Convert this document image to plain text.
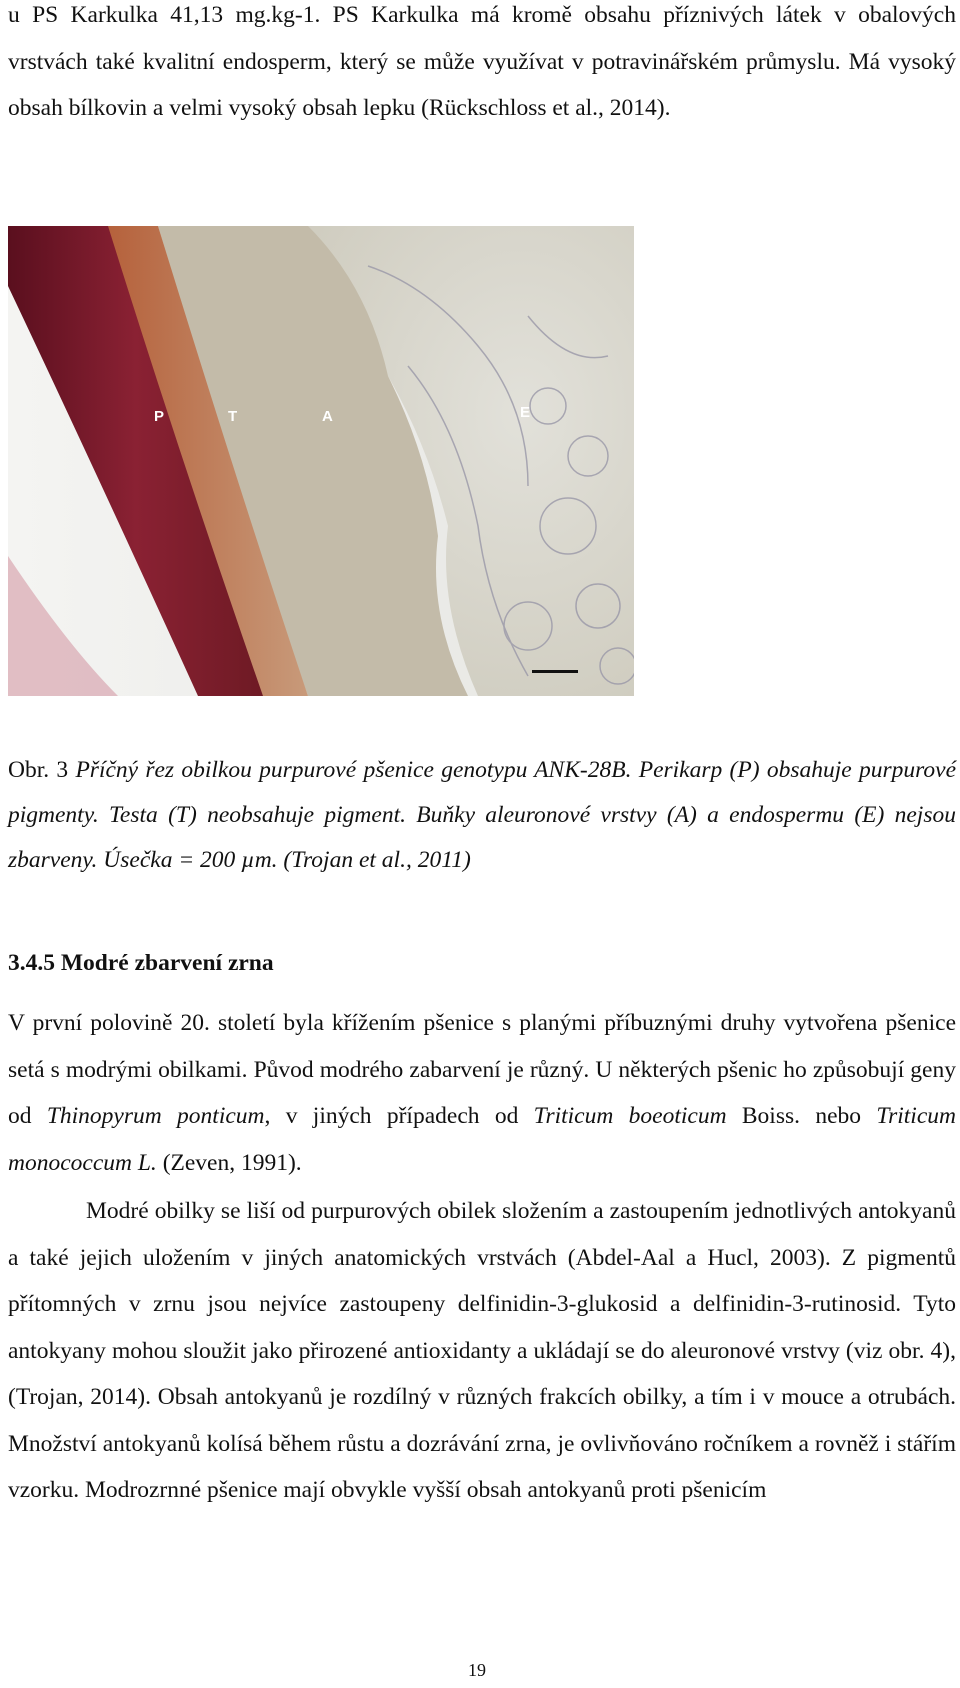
u PS Karkulka 41,13 mg.kg-1. PS Karkulka má kromě obsahu příznivých látek v obalových vrstvách také kvalitní endosperm, který se může využívat v potravinářském průmyslu. Má vysoký obsah bílkovin a velmi vysoký obsah lepku (Rückschloss et al., 2014).

P	T	A	E

Obr. 3 Příčný řez obilkou purpurové pšenice genotypu ANK-28B. Perikarp (P) obsahuje purpurové pigmenty. Testa (T) neobsahuje pigment. Buňky aleuronové vrstvy (A) a endospermu (E) nejsou zbarveny. Úsečka = 200 µm. (Trojan et al., 2011)

3.4.5 Modré zbarvení zrna

V první polovině 20. století byla křížením pšenice s planými příbuznými druhy vytvořena pšenice setá s modrými obilkami. Původ modrého zabarvení je různý. U některých pšenic ho způsobují geny od Thinopyrum ponticum, v jiných případech od Triticum boeoticum Boiss. nebo Triticum monococcum L. (Zeven, 1991).

Modré obilky se liší od purpurových obilek složením a zastoupením jednotlivých antokyanů a také jejich uložením v jiných anatomických vrstvách (Abdel-Aal a Hucl, 2003). Z pigmentů přítomných v zrnu jsou nejvíce zastoupeny delfinidin-3-glukosid a delfinidin-3-rutinosid. Tyto antokyany mohou sloužit jako přirozené antioxidanty a ukládají se do aleuronové vrstvy (viz obr. 4), (Trojan, 2014). Obsah antokyanů je rozdílný v různých frakcích obilky, a tím i v mouce a otrubách. Množství antokyanů kolísá během růstu a dozrávání zrna, je ovlivňováno ročníkem a rovněž i stářím vzorku. Modrozrnné pšenice mají obvykle vyšší obsah antokyanů proti pšenicím

19
